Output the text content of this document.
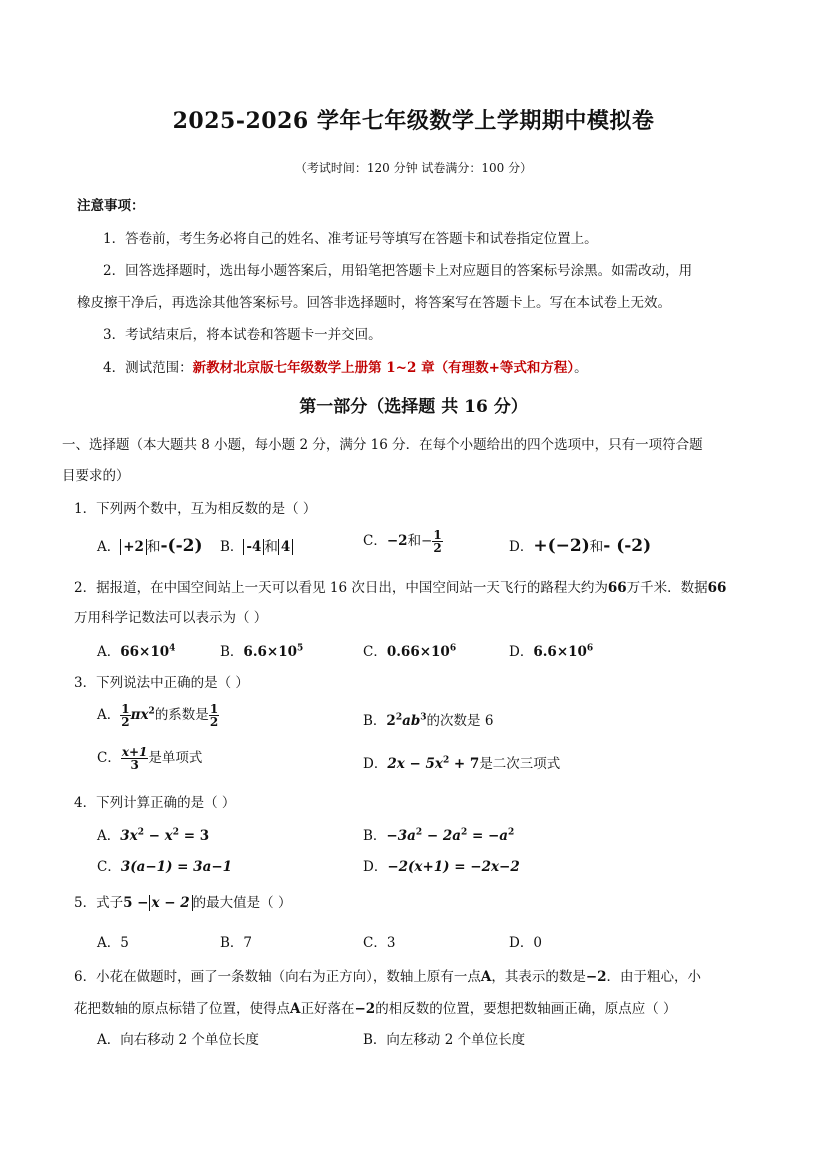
2025-2026 学年七年级数学上学期期中模拟卷
（考试时间：120 分钟 试卷满分：100 分）
注意事项：
1．答卷前，考生务必将自己的姓名、准考证号等填写在答题卡和试卷指定位置上。
2．回答选择题时，选出每小题答案后，用铅笔把答题卡上对应题目的答案标号涂黑。如需改动，用
橡皮擦干净后，再选涂其他答案标号。回答非选择题时，将答案写在答题卡上。写在本试卷上无效。
3．考试结束后，将本试卷和答题卡一并交回。
4．测试范围：新教材北京版七年级数学上册第 1~2 章（有理数+等式和方程）。
第一部分（选择题 共 16 分）
一、选择题（本大题共 8 小题，每小题 2 分，满分 16 分．在每个小题给出的四个选项中，只有一项符合题
目要求的）
1．下列两个数中，互为相反数的是（ ）
A． +2 和-(-2) B． -4 和 4	C．−2和− $\frac{1}{2}$	D．+(−2)和- (-2)
2．据报道，在中国空间站上一天可以看见 16 次日出，中国空间站一天飞行的路程大约为66万千米．数据66
万用科学记数法可以表示为（ ）
A．$66\times 10^4$	B．$6.6\times 10^5$	C．$0.66\times 10^6$	D．$6.6\times 10^6$
3．下列说法中正确的是（ ）
A． $\frac{1}{2} \pi x^2$的系数是 $\frac{1}{2}$	B．$2^2ab^3$的次数是 6
C． $\frac{x+1}{3}$ 是单项式	D．$2x - 5x^2 + 7$是二次三项式
4．下列计算正确的是（ ）
A．$3x^2 - x^2 = 3$	B．$-3a^2 - 2a^2 = -a^2$
C．3(a−1) = 3a−1	D．−2(x+1) = −2x−2
5．式子5 − x − 2 的最大值是（ ）
A．5	B．7	C．3	D．0
6．小花在做题时，画了一条数轴（向右为正方向），数轴上原有一点A，其表示的数是−2．由于粗心，小
花把数轴的原点标错了位置，使得点A正好落在−2的相反数的位置，要想把数轴画正确，原点应（ ）
A．向右移动 2 个单位长度	B．向左移动 2 个单位长度
